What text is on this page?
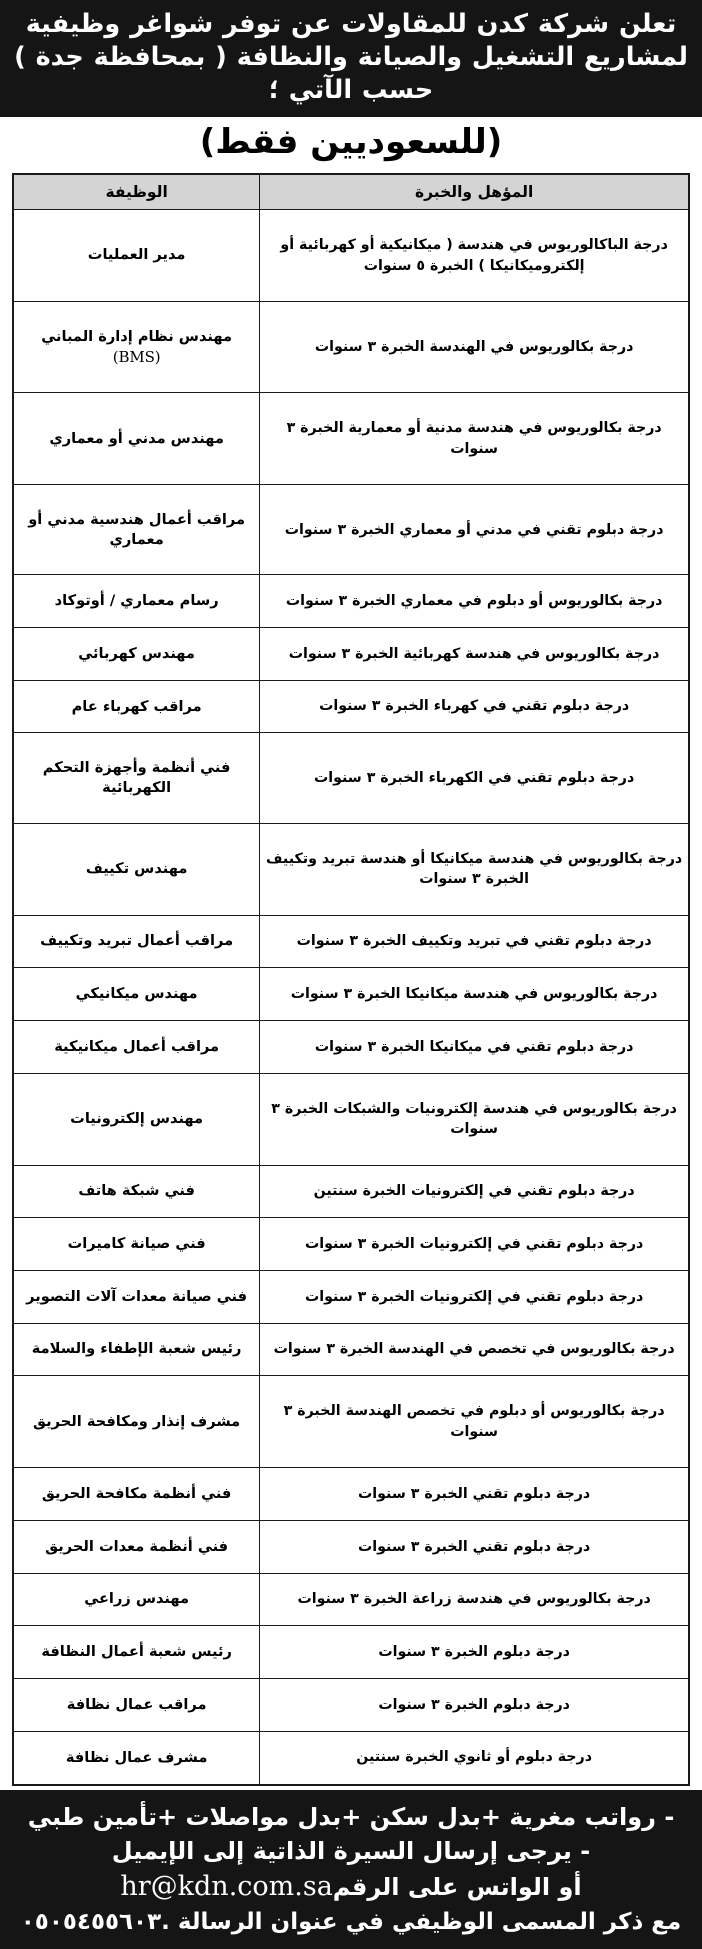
تعلن شركة كدن للمقاولات عن توفر شواغر وظيفية لمشاريع التشغيل والصيانة والنظافة ( بمحافظة جدة ) حسب الآتي ؛

(للسعوديين فقط)

المؤهل والخبرة	الوظيفة
درجة الباكالوريوس في هندسة ( ميكانيكية أو كهربائية أو إلكتروميكانيكا ) الخبرة ٥ سنوات	مدير العمليات
درجة بكالوريوس في الهندسة الخبرة ٣ سنوات	مهندس نظام إدارة المباني
(BMS)

درجة بكالوريوس في هندسة مدنية أو معمارية الخبرة ٣ سنوات	مهندس مدني أو معماري
درجة دبلوم تقني في مدني أو معماري الخبرة ٣ سنوات	مراقب أعمال هندسية مدني أو معماري
درجة بكالوريوس أو دبلوم في معماري الخبرة ٣ سنوات	رسام معماري / أوتوكاد
درجة بكالوريوس في هندسة كهربائية الخبرة ٣ سنوات	مهندس كهربائي
درجة دبلوم تقني في كهرباء الخبرة ٣ سنوات	مراقب كهرباء عام
درجة دبلوم تقني في الكهرباء الخبرة ٣ سنوات	فني أنظمة وأجهزة التحكم الكهربائية
درجة بكالوريوس في هندسة ميكانيكا أو هندسة تبريد وتكييف الخبرة ٣ سنوات	مهندس تكييف
درجة دبلوم تقني في تبريد وتكييف الخبرة ٣ سنوات	مراقب أعمال تبريد وتكييف
درجة بكالوريوس في هندسة ميكانيكا الخبرة ٣ سنوات	مهندس ميكانيكي
درجة دبلوم تقني في ميكانيكا الخبرة ٣ سنوات	مراقب أعمال ميكانيكية
درجة بكالوريوس في هندسة إلكترونيات والشبكات الخبرة ٣ سنوات	مهندس إلكترونيات
درجة دبلوم تقني في إلكترونيات الخبرة سنتين	فني شبكة هاتف
درجة دبلوم تقني في إلكترونيات الخبرة ٣ سنوات	فني صيانة كاميرات
درجة دبلوم تقني في إلكترونيات الخبرة ٣ سنوات	فني صيانة معدات آلات التصوير
درجة بكالوريوس في تخصص في الهندسة الخبرة ٣ سنوات	رئيس شعبة الإطفاء والسلامة
درجة بكالوريوس أو دبلوم في تخصص الهندسة الخبرة ٣ سنوات	مشرف إنذار ومكافحة الحريق
درجة دبلوم تقني الخبرة ٣ سنوات	فني أنظمة مكافحة الحريق
درجة دبلوم تقني الخبرة ٣ سنوات	فني أنظمة معدات الحريق
درجة بكالوريوس في هندسة زراعة الخبرة ٣ سنوات	مهندس زراعي
درجة دبلوم الخبرة ٣ سنوات	رئيس شعبة أعمال النظافة
درجة دبلوم الخبرة ٣ سنوات	مراقب عمال نظافة
درجة دبلوم أو ثانوي الخبرة سنتين	مشرف عمال نظافة

- رواتب مغرية +بدل سكن +بدل مواصلات +تأمين طبي

- يرجى إرسال السيرة الذاتية إلى الإيميل

أو الواتس على الرقمhr@kdn.com.sa

مع ذكر المسمى الوظيفي في عنوان الرسالة .٠٥٠٥٤٥٥٦٠٣
